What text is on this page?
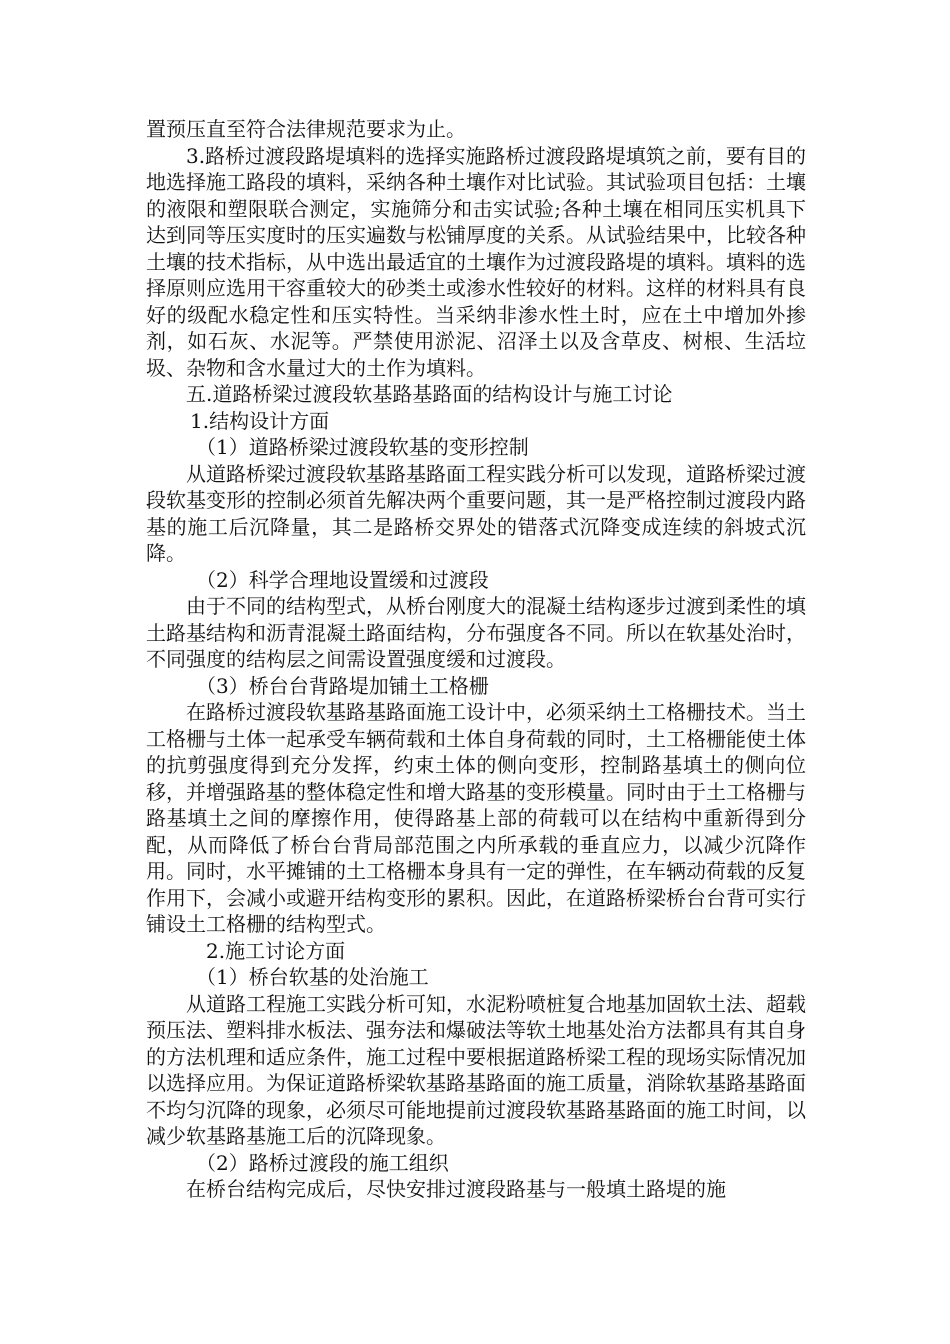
置预压直至符合法律规范要求为止。

3.路桥过渡段路堤填料的选择实施路桥过渡段路堤填筑之前，要有目的地选择施工路段的填料，采纳各种土壤作对比试验。其试验项目包括：土壤的液限和塑限联合测定，实施筛分和击实试验;各种土壤在相同压实机具下达到同等压实度时的压实遍数与松铺厚度的关系。从试验结果中，比较各种土壤的技术指标，从中选出最适宜的土壤作为过渡段路堤的填料。填料的选择原则应选用干容重较大的砂类土或渗水性较好的材料。这样的材料具有良好的级配水稳定性和压实特性。当采纳非渗水性土时，应在土中增加外掺剂，如石灰、水泥等。严禁使用淤泥、沼泽土以及含草皮、树根、生活垃圾、杂物和含水量过大的土作为填料。

五.道路桥梁过渡段软基路基路面的结构设计与施工讨论

1.结构设计方面

（1）道路桥梁过渡段软基的变形控制

从道路桥梁过渡段软基路基路面工程实践分析可以发现，道路桥梁过渡段软基变形的控制必须首先解决两个重要问题，其一是严格控制过渡段内路基的施工后沉降量，其二是路桥交界处的错落式沉降变成连续的斜坡式沉降。

（2）科学合理地设置缓和过渡段

由于不同的结构型式，从桥台刚度大的混凝土结构逐步过渡到柔性的填土路基结构和沥青混凝土路面结构，分布强度各不同。所以在软基处治时，不同强度的结构层之间需设置强度缓和过渡段。

（3）桥台台背路堤加铺土工格栅

在路桥过渡段软基路基路面施工设计中，必须采纳土工格栅技术。当土工格栅与土体一起承受车辆荷载和土体自身荷载的同时，土工格栅能使土体的抗剪强度得到充分发挥，约束土体的侧向变形，控制路基填土的侧向位移，并增强路基的整体稳定性和增大路基的变形模量。同时由于土工格栅与路基填土之间的摩擦作用，使得路基上部的荷载可以在结构中重新得到分配，从而降低了桥台台背局部范围之内所承载的垂直应力，以减少沉降作用。同时，水平摊铺的土工格栅本身具有一定的弹性，在车辆动荷载的反复作用下，会减小或避开结构变形的累积。因此，在道路桥梁桥台台背可实行铺设土工格栅的结构型式。

2.施工讨论方面

（1）桥台软基的处治施工

从道路工程施工实践分析可知，水泥粉喷桩复合地基加固软土法、超载预压法、塑料排水板法、强夯法和爆破法等软土地基处治方法都具有其自身的方法机理和适应条件，施工过程中要根据道路桥梁工程的现场实际情况加以选择应用。为保证道路桥梁软基路基路面的施工质量，消除软基路基路面不均匀沉降的现象，必须尽可能地提前过渡段软基路基路面的施工时间，以减少软基路基施工后的沉降现象。

（2）路桥过渡段的施工组织

在桥台结构完成后，尽快安排过渡段路基与一般填土路堤的施
